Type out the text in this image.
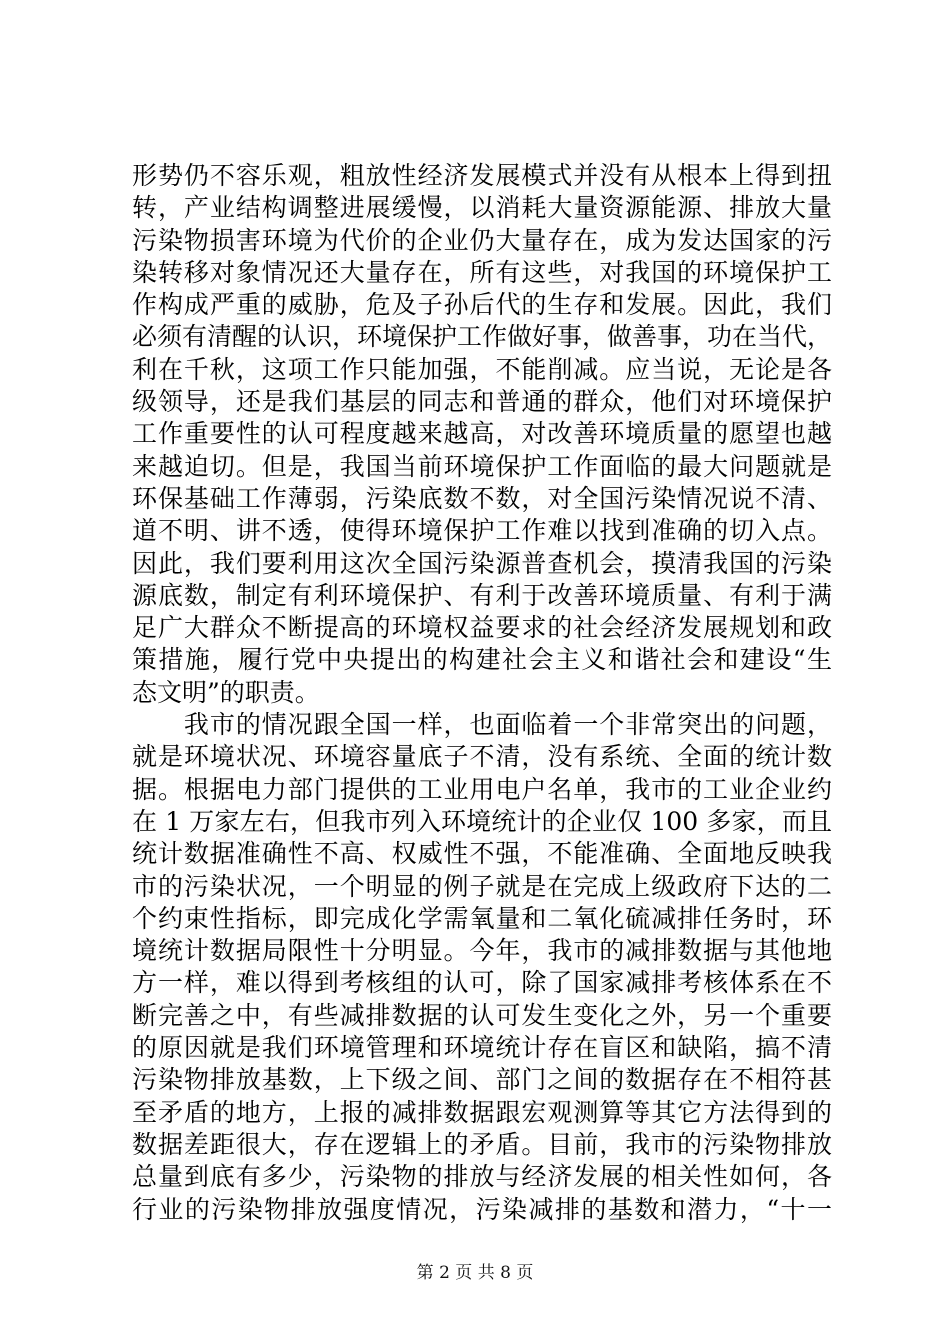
形势仍不容乐观，粗放性经济发展模式并没有从根本上得到扭
转，产业结构调整进展缓慢，以消耗大量资源能源、排放大量
污染物损害环境为代价的企业仍大量存在，成为发达国家的污
染转移对象情况还大量存在，所有这些，对我国的环境保护工
作构成严重的威胁，危及子孙后代的生存和发展。因此，我们
必须有清醒的认识，环境保护工作做好事，做善事，功在当代，
利在千秋，这项工作只能加强，不能削减。应当说，无论是各
级领导，还是我们基层的同志和普通的群众，他们对环境保护
工作重要性的认可程度越来越高，对改善环境质量的愿望也越
来越迫切。但是，我国当前环境保护工作面临的最大问题就是
环保基础工作薄弱，污染底数不数，对全国污染情况说不清、
道不明、讲不透，使得环境保护工作难以找到准确的切入点。
因此，我们要利用这次全国污染源普查机会，摸清我国的污染
源底数，制定有利环境保护、有利于改善环境质量、有利于满
足广大群众不断提高的环境权益要求的社会经济发展规划和政
策措施，履行党中央提出的构建社会主义和谐社会和建设“生
态文明”的职责。
　　我市的情况跟全国一样，也面临着一个非常突出的问题，
就是环境状况、环境容量底子不清，没有系统、全面的统计数
据。根据电力部门提供的工业用电户名单，我市的工业企业约
在 1 万家左右，但我市列入环境统计的企业仅 100 多家，而且
统计数据准确性不高、权威性不强，不能准确、全面地反映我
市的污染状况，一个明显的例子就是在完成上级政府下达的二
个约束性指标，即完成化学需氧量和二氧化硫减排任务时，环
境统计数据局限性十分明显。今年，我市的减排数据与其他地
方一样，难以得到考核组的认可，除了国家减排考核体系在不
断完善之中，有些减排数据的认可发生变化之外，另一个重要
的原因就是我们环境管理和环境统计存在盲区和缺陷，搞不清
污染物排放基数，上下级之间、部门之间的数据存在不相符甚
至矛盾的地方，上报的减排数据跟宏观测算等其它方法得到的
数据差距很大，存在逻辑上的矛盾。目前，我市的污染物排放
总量到底有多少，污染物的排放与经济发展的相关性如何，各
行业的污染物排放强度情况，污染减排的基数和潜力，“十一
第 2 页 共 8 页
